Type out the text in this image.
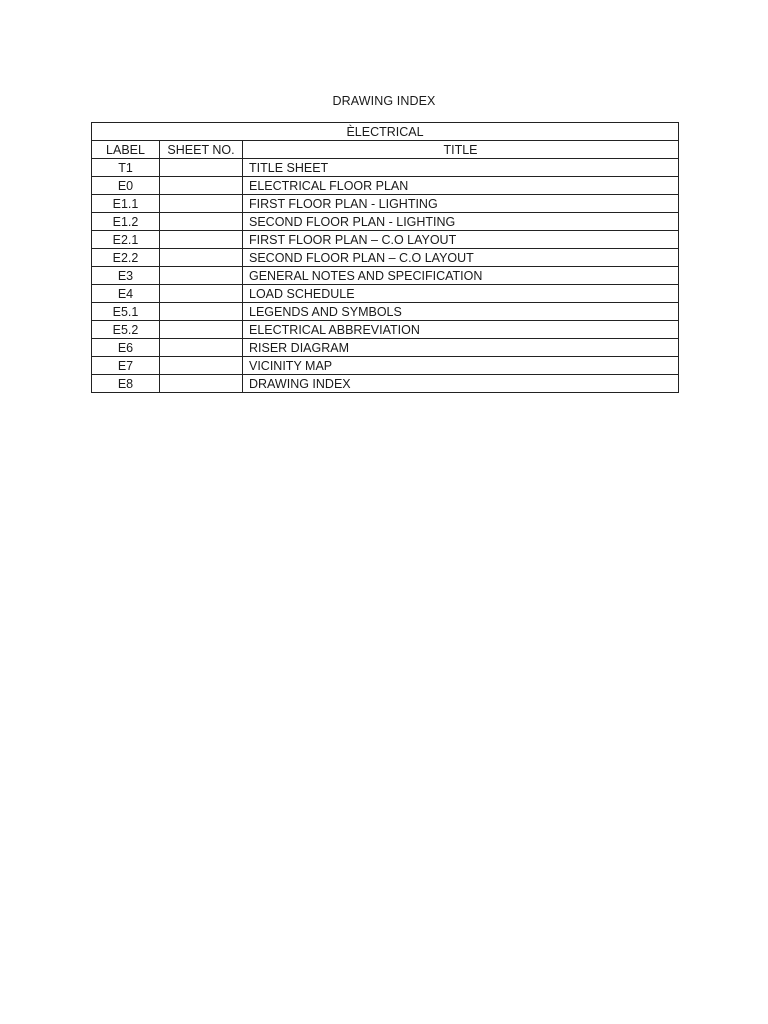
DRAWING INDEX
ÈLECTRICAL		
LABEL	SHEET NO.	TITLE
T1		TITLE SHEET
E0		ELECTRICAL FLOOR PLAN
E1.1		FIRST FLOOR PLAN - LIGHTING
E1.2		SECOND FLOOR PLAN - LIGHTING
E2.1		FIRST FLOOR PLAN – C.O LAYOUT
E2.2		SECOND FLOOR PLAN – C.O LAYOUT
E3		GENERAL NOTES AND SPECIFICATION
E4		LOAD SCHEDULE
E5.1		LEGENDS AND SYMBOLS
E5.2		ELECTRICAL ABBREVIATION
E6		RISER DIAGRAM
E7		VICINITY MAP
E8		DRAWING INDEX
